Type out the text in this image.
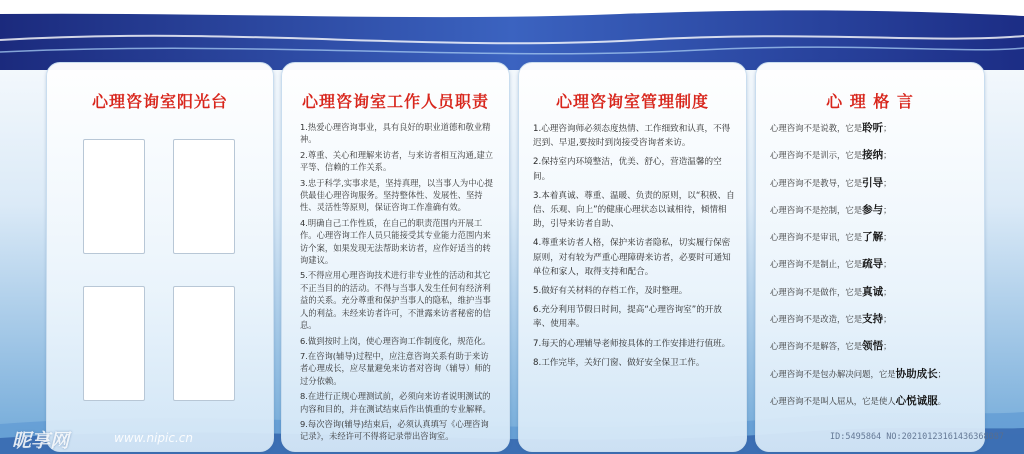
心理咨询室阳光台	心理咨询室工作人员职责
1.热爱心理咨询事业，具有良好的职业道德和敬业精神。
2.尊重、关心和理解来访者，与来访者相互沟通,建立平等、信赖的工作关系。
3.忠于科学,实事求是，坚持真理，以当事人为中心提供最佳心理咨询服务。坚持整体性、发展性、坚持性、灵活性等原则，保证咨询工作准确有效。
4.明确自己工作性质，在自己的职责范围内开展工作。心理咨询工作人员只能接受其专业能力范围内来访个案，如果发现无法帮助来访者，应作好适当的转询建议。
5.不得应用心理咨询技术进行非专业性的活动和其它不正当目的的活动。不得与当事人发生任何有经济利益的关系。充分尊重和保护当事人的隐私，维护当事人的利益。未经来访者许可，不泄露来访者秘密的信息。
6.做到按时上岗，使心理咨询工作制度化，规范化。
7.在咨询(辅导)过程中，应注意咨询关系有助于来访者心理成长，应尽量避免来访者对咨询（辅导）师的过分依赖。
8.在进行正规心理测试前，必须向来访者说明测试的内容和目的，并在测试结束后作出慎重的专业解释。
9.每次咨询(辅导)结束后，必须认真填写《心理咨询记录》，未经许可不得将记录带出咨询室。
心理咨询室管理制度
1.心理咨询师必须态度热情、工作细致和认真，不得迟到、早退,要按时到岗接受咨询者来访。
2.保持室内环境整洁，优美、舒心，营造温馨的空间。
3.本着真诚、尊重、温暖、负责的原则，以“积极、自信、乐观、向上”的健康心理状态以诚相待，倾情相助，引导来访者自助、
4.尊重来访者人格，保护来访者隐私，切实履行保密原则，对有较为严重心理障碍来访者，必要时可通知单位和家人，取得支持和配合。
5.做好有关材料的存档工作，及时整理。
6.充分利用节假日时间，提高“心理咨询室”的开放率、使用率。
7.每天的心理辅导老师按具体的工作安排进行值班。
8.工作完毕，关好门窗、做好安全保卫工作。
心 理 格 言
心理咨询不是说教，它是聆听；
心理咨询不是训示，它是接纳；
心理咨询不是教导，它是引导；
心理咨询不是控制，它是参与；
心理咨询不是审讯，它是了解；
心理咨询不是制止，它是疏导；
心理咨询不是做作，它是真诚；
心理咨询不是改造，它是支持；
心理咨询不是解答，它是领悟；
心理咨询不是包办解决问题，它是协助成长；
心理咨询不是叫人屈从，它是使人心悦诚服。
昵享网	www.nipic.cn	ID:5495864 NO:20210123161436368087
